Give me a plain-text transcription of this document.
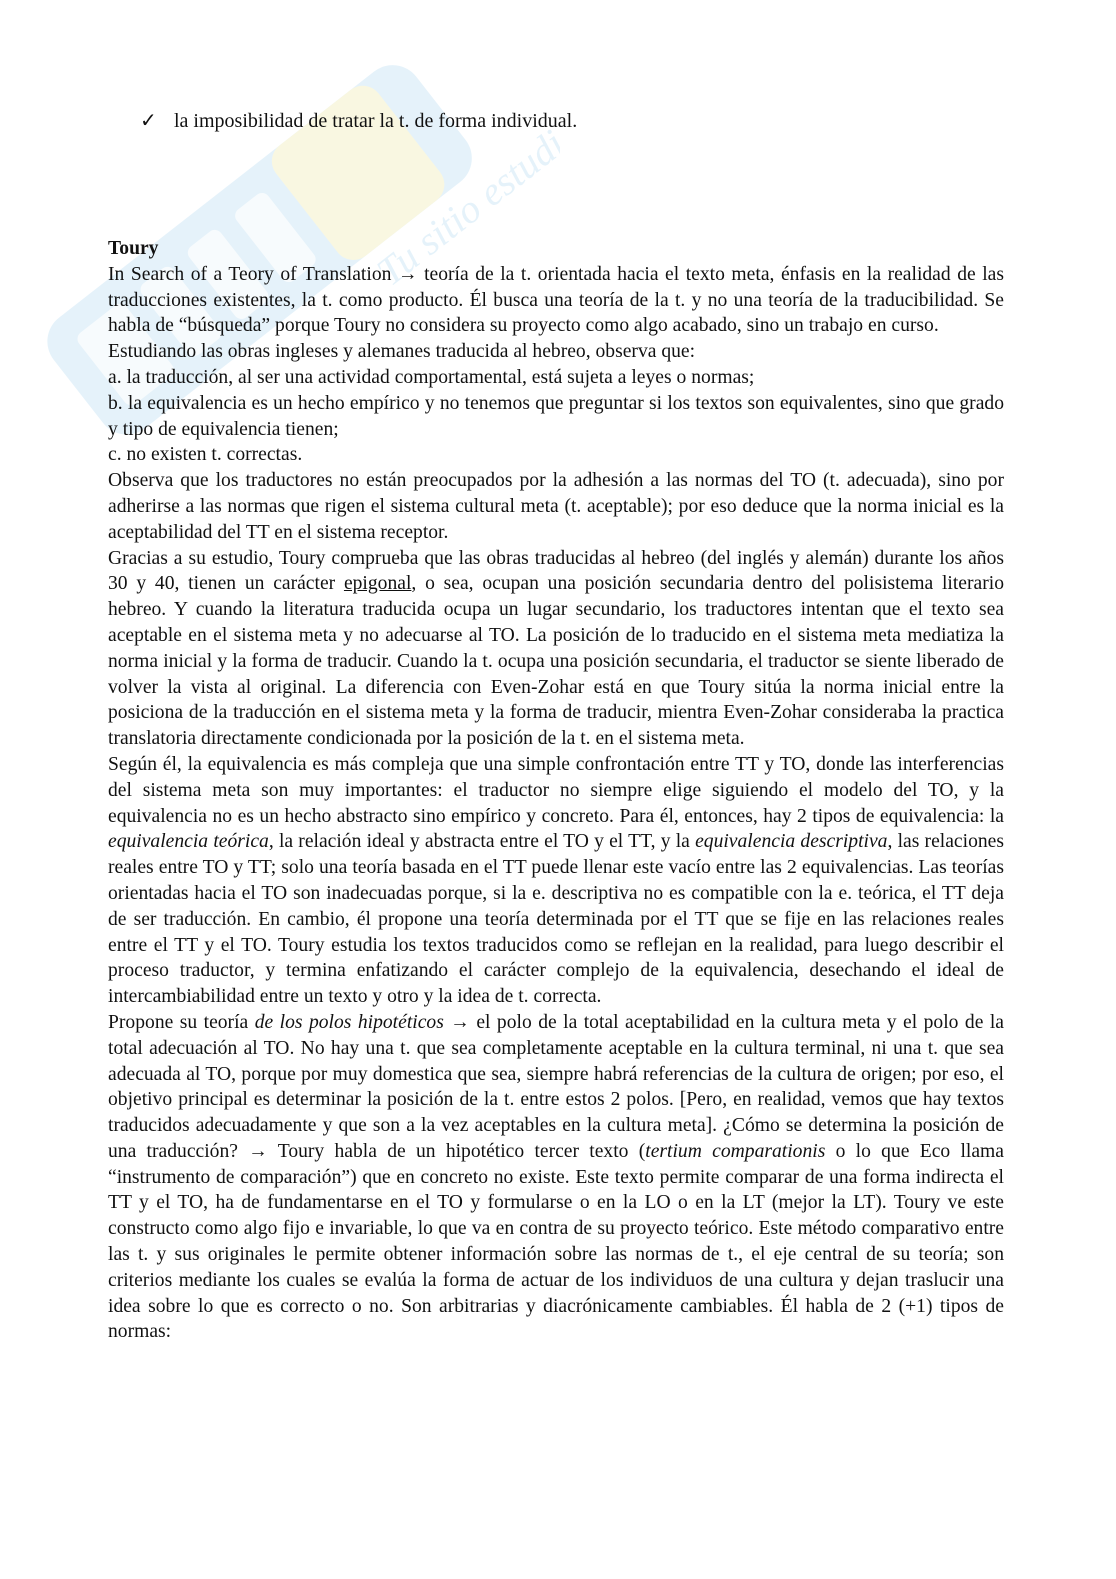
Tu sitio estudiante
✓ la imposibilidad de tratar la t. de forma individual.

Toury

In Search of a Teory of Translation → teoría de la t. orientada hacia el texto meta, énfasis en la realidad de las traducciones existentes, la t. como producto. Él busca una teoría de la t. y no una teoría de la traducibilidad. Se habla de “búsqueda” porque Toury no considera su proyecto como algo acabado, sino un trabajo en curso.

Estudiando las obras ingleses y alemanes traducida al hebreo, observa que:

a. la traducción, al ser una actividad comportamental, está sujeta a leyes o normas;

b. la equivalencia es un hecho empírico y no tenemos que preguntar si los textos son equivalentes, sino que grado y tipo de equivalencia tienen;

c. no existen t. correctas.

Observa que los traductores no están preocupados por la adhesión a las normas del TO (t. adecuada), sino por adherirse a las normas que rigen el sistema cultural meta (t. aceptable); por eso deduce que la norma inicial es la aceptabilidad del TT en el sistema receptor.

Gracias a su estudio, Toury comprueba que las obras traducidas al hebreo (del inglés y alemán) durante los años 30 y 40, tienen un carácter epigonal, o sea, ocupan una posición secundaria dentro del polisistema literario hebreo. Y cuando la literatura traducida ocupa un lugar secundario, los traductores intentan que el texto sea aceptable en el sistema meta y no adecuarse al TO. La posición de lo traducido en el sistema meta mediatiza la norma inicial y la forma de traducir. Cuando la t. ocupa una posición secundaria, el traductor se siente liberado de volver la vista al original. La diferencia con Even-Zohar está en que Toury sitúa la norma inicial entre la posiciona de la traducción en el sistema meta y la forma de traducir, mientra Even-Zohar consideraba la practica translatoria directamente condicionada por la posición de la t. en el sistema meta.

Según él, la equivalencia es más compleja que una simple confrontación entre TT y TO, donde las interferencias del sistema meta son muy importantes: el traductor no siempre elige siguiendo el modelo del TO, y la equivalencia no es un hecho abstracto sino empírico y concreto. Para él, entonces, hay 2 tipos de equivalencia: la equivalencia teórica, la relación ideal y abstracta entre el TO y el TT, y la equivalencia descriptiva, las relaciones reales entre TO y TT; solo una teoría basada en el TT puede llenar este vacío entre las 2 equivalencias. Las teorías orientadas hacia el TO son inadecuadas porque, si la e. descriptiva no es compatible con la e. teórica, el TT deja de ser traducción. En cambio, él propone una teoría determinada por el TT que se fije en las relaciones reales entre el TT y el TO. Toury estudia los textos traducidos como se reflejan en la realidad, para luego describir el proceso traductor, y termina enfatizando el carácter complejo de la equivalencia, desechando el ideal de intercambiabilidad entre un texto y otro y la idea de t. correcta.

Propone su teoría de los polos hipotéticos → el polo de la total aceptabilidad en la cultura meta y el polo de la total adecuación al TO. No hay una t. que sea completamente aceptable en la cultura terminal, ni una t. que sea adecuada al TO, porque por muy domestica que sea, siempre habrá referencias de la cultura de origen; por eso, el objetivo principal es determinar la posición de la t. entre estos 2 polos. [Pero, en realidad, vemos que hay textos traducidos adecuadamente y que son a la vez aceptables en la cultura meta]. ¿Cómo se determina la posición de una traducción? → Toury habla de un hipotético tercer texto (tertium comparationis o lo que Eco llama “instrumento de comparación”) que en concreto no existe. Este texto permite comparar de una forma indirecta el TT y el TO, ha de fundamentarse en el TO y formularse o en la LO o en la LT (mejor la LT). Toury ve este constructo como algo fijo e invariable, lo que va en contra de su proyecto teórico. Este método comparativo entre las t. y sus originales le permite obtener información sobre las normas de t., el eje central de su teoría; son criterios mediante los cuales se evalúa la forma de actuar de los individuos de una cultura y dejan traslucir una idea sobre lo que es correcto o no. Son arbitrarias y diacrónicamente cambiables. Él habla de 2 (+1) tipos de normas:
